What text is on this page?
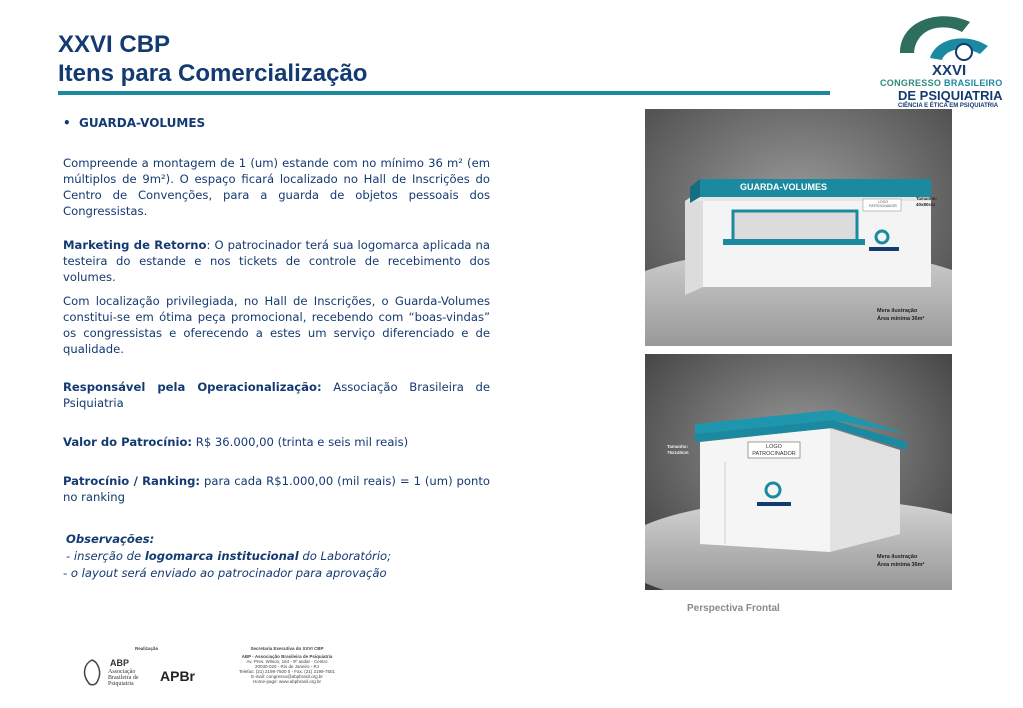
XXVI CBP
Itens para Comercialização	XXVI
CONGRESSO BRASILEIRO
DE PSIQUIATRIA
CIÊNCIA E ÉTICA EM PSIQUIATRIA
• GUARDA-VOLUMES
Compreende a montagem de 1 (um) estande com no mínimo 36 m² (em múltiplos de 9m²). O espaço ficará localizado no Hall de Inscrições do Centro de Convenções, para a guarda de objetos pessoais dos Congressistas.
Marketing de Retorno: O patrocinador terá sua logomarca aplicada na testeira do estande e nos tickets de controle de recebimento dos volumes.
Com localização privilegiada, no Hall de Inscrições, o Guarda-Volumes constitui-se em ótima peça promocional, recebendo com “boas-vindas” os congressistas e oferecendo a estes um serviço diferenciado e de qualidade.
Responsável pela Operacionalização: Associação Brasileira de Psiquiatria
Valor do Patrocínio: R$ 36.000,00 (trinta e seis mil reais)
Patrocínio / Ranking: para cada R$1.000,00 (mil reais) = 1 (um) ponto no ranking
Observações:
- inserção de logomarca institucional do Laboratório;
- o layout será enviado ao patrocinador para aprovação
GUARDA-VOLUMES
LOGO PATROCINADOR
Tamanho:
40x80cm
Mera ilustração
Área mínima 36m²
LOGO
PATROCINADOR
Tamanho:
75x140cm
Mera ilustração
Área mínima 36m²
Perspectiva Frontal
Realização
ABP
Associação Brasileira de Psiquiatria	APBr
Secretaria Executiva do XXVI CBP
ABP - Associação Brasileira de Psiquiatria
Av. Pres. Wilson, 164 - 9º andar - Centro
20030-020 - Rio de Janeiro - RJ
Telefax: (21) 2199-7500 0 - Fax: (21) 2199-7501
E-mail: congresso@abpbrasil.org.br
Home-page: www.abpbrasil.org.br
